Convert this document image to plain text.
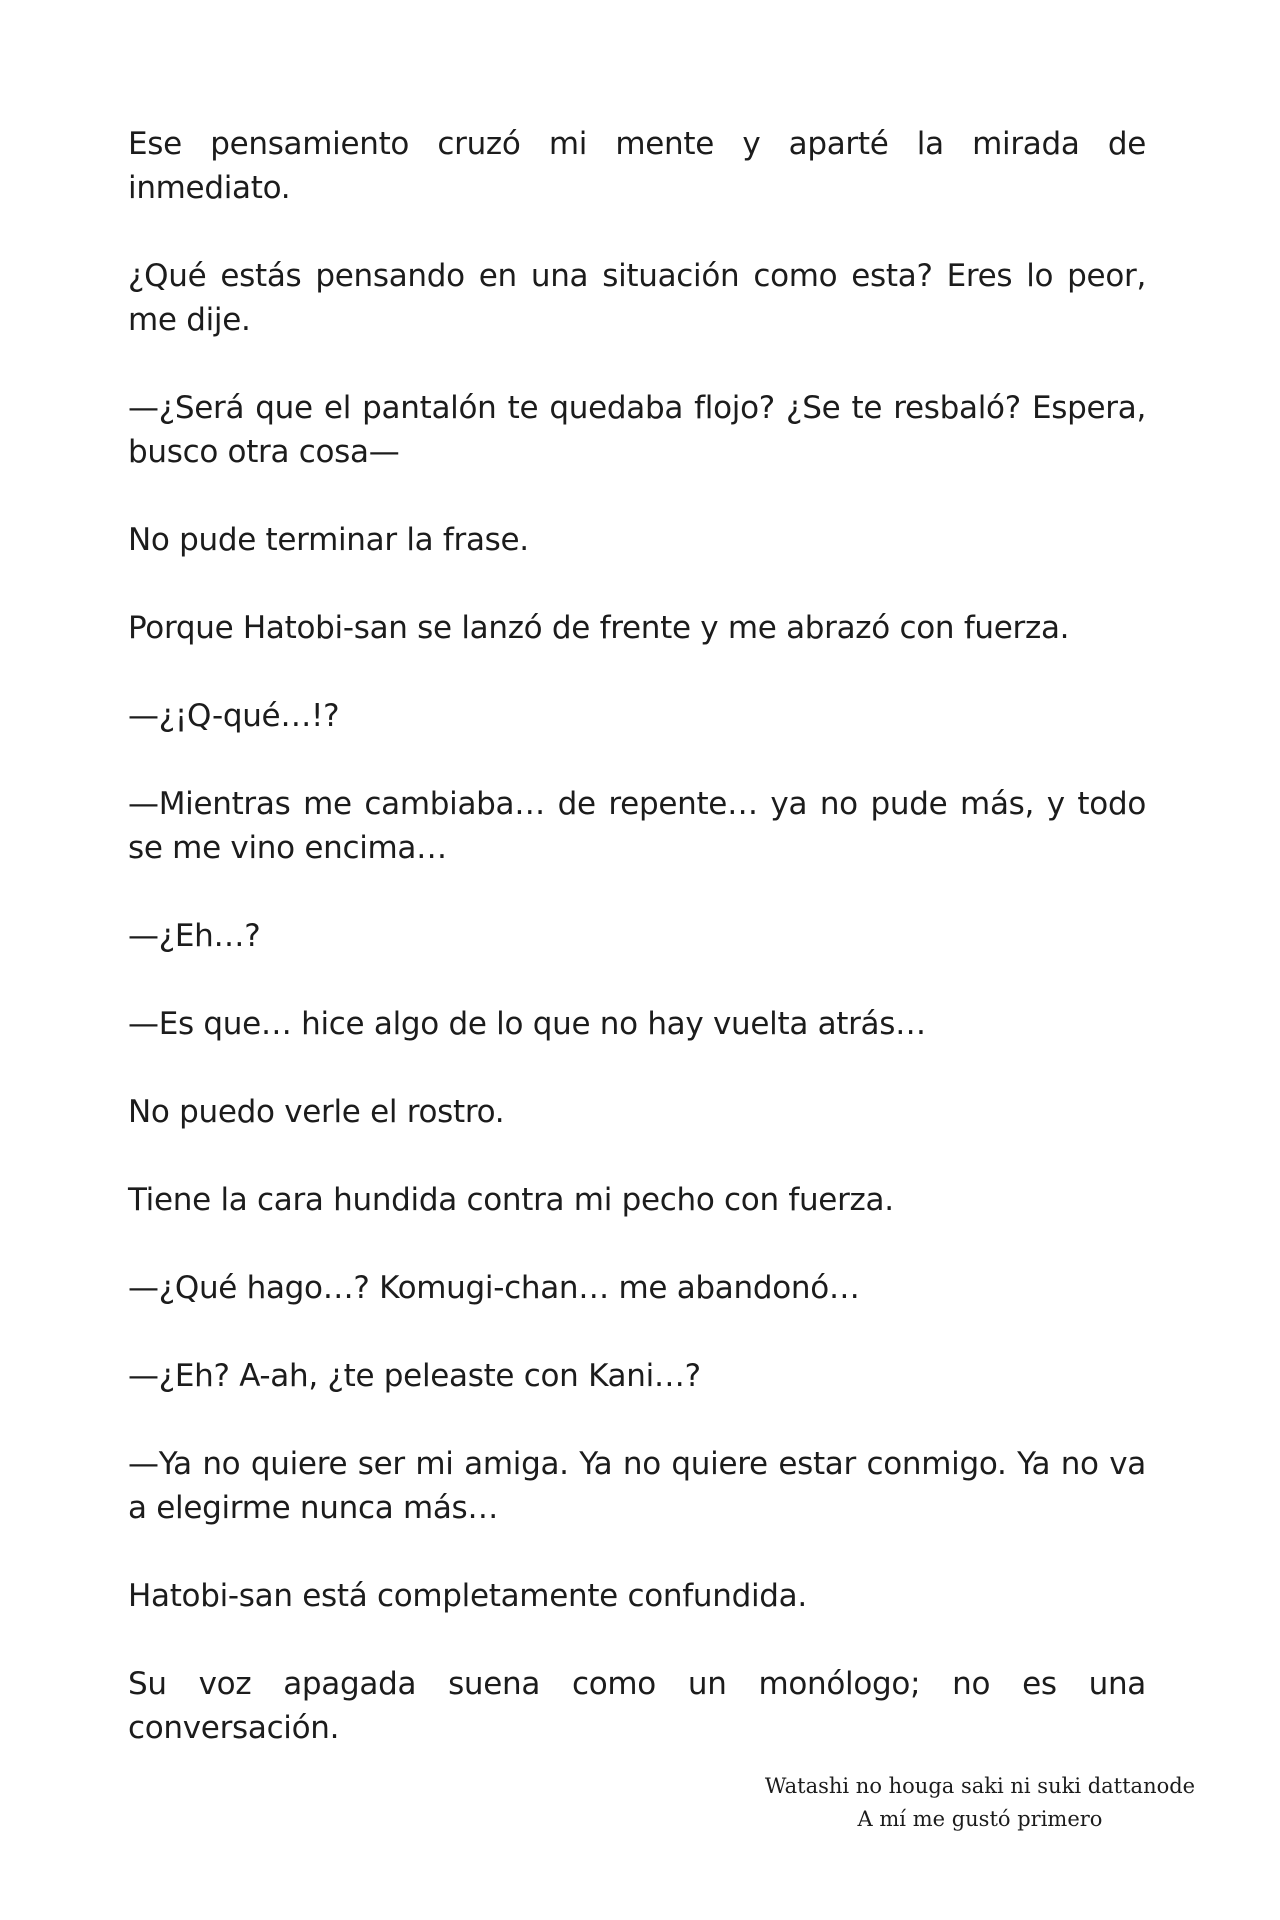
Ese pensamiento cruzó mi mente y aparté la mirada de inmediato.

¿Qué estás pensando en una situación como esta? Eres lo peor, me dije.

—¿Será que el pantalón te quedaba flojo? ¿Se te resbaló? Espera, busco otra cosa—

No pude terminar la frase.

Porque Hatobi-san se lanzó de frente y me abrazó con fuerza.

—¿¡Q-qué…!?

—Mientras me cambiaba… de repente… ya no pude más, y todo se me vino encima…

—¿Eh…?

—Es que… hice algo de lo que no hay vuelta atrás…

No puedo verle el rostro.

Tiene la cara hundida contra mi pecho con fuerza.

—¿Qué hago…? Komugi-chan… me abandonó…

—¿Eh? A-ah, ¿te peleaste con Kani…?

—Ya no quiere ser mi amiga. Ya no quiere estar conmigo. Ya no va a elegirme nunca más…

Hatobi-san está completamente confundida.

Su voz apagada suena como un monólogo; no es una conversación.

Watashi no houga saki ni suki dattanode
A mí me gustó primero
